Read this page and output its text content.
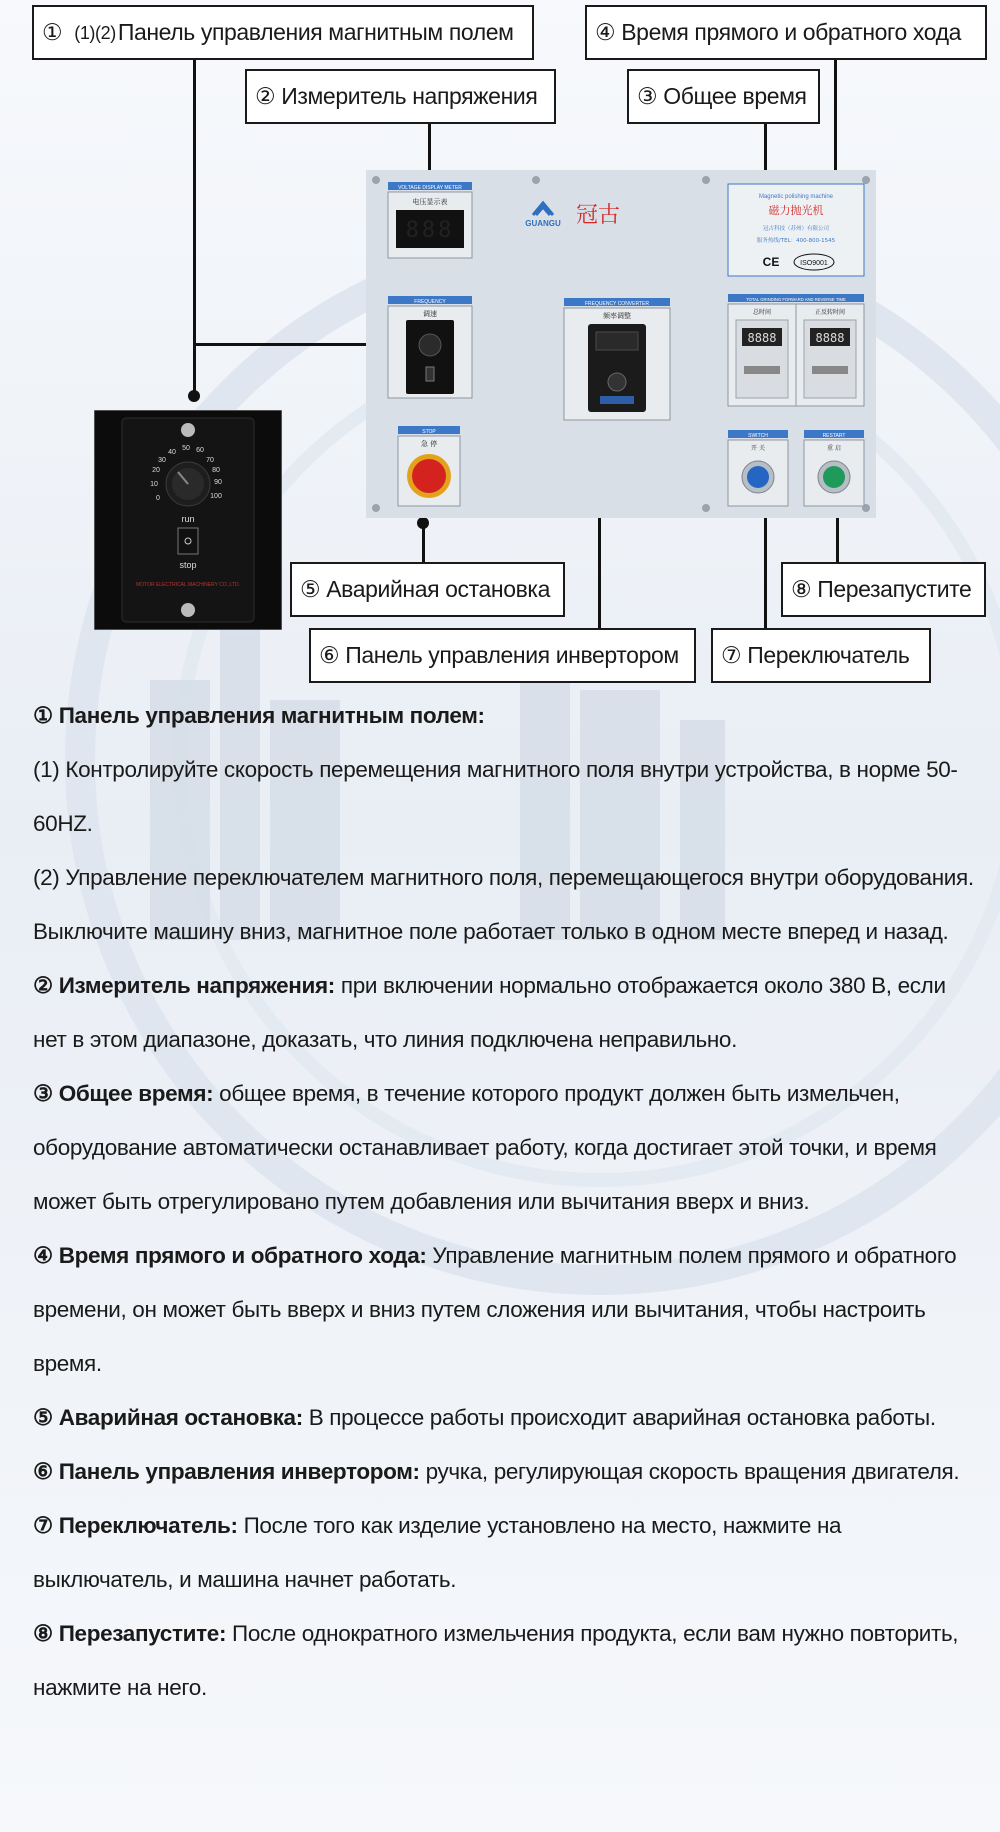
VOLTAGE DISPLAY METER
电压显示表
888	GUANGU 冠古
Magnetic polishing machine
磁力抛光机
冠古科技（苏州）有限公司
服务热线/TEL：400-800-1545
CE	ISO9001
FREQUENCY
调速
STOP
急 停
FREQUENCY CONVERTER
频率调整
TOTAL GRINDING FORWARD AND REVERSE TIME
总时间	正反转时间
8888	8888
SWITCH	RESTART
开 关	重 启
20
30
40
50 60
70
80
90
100
10
0
run
stop
MOTOR ELECTRICAL MACHINERY CO.,LTD.
①
(1)(2) Панель управления магнитным полем
②
Измеритель напряжения	③
Общее время
④
Время прямого и обратного хода
⑤
Аварийная остановка	⑧
Перезапустите
⑥
Панель управления инвертором ⑦
Переключатель

① Панель управления магнитным полем:

(1) Контролируйте скорость перемещения магнитного поля внутри устройства, в норме 50-60HZ.

(2) Управление переключателем магнитного поля, перемещающегося внутри оборудования. Выключите машину вниз, магнитное поле работает только в одном месте вперед и назад.

② Измеритель напряжения: при включении нормально отображается около 380 В, если нет в этом диапазоне, доказать, что линия подключена неправильно.

③ Общее время: общее время, в течение которого продукт должен быть измельчен, оборудование автоматически останавливает работу, когда достигает этой точки, и время может быть отрегулировано путем добавления или вычитания вверх и вниз.

④ Время прямого и обратного хода: Управление магнитным полем прямого и обратного времени, он может быть вверх и вниз путем сложения или вычитания, чтобы настроить время.

⑤ Аварийная остановка: В процессе работы происходит аварийная остановка работы.

⑥ Панель управления инвертором: ручка, регулирующая скорость вращения двигателя.

⑦ Переключатель: После того как изделие установлено на место, нажмите на выключатель, и машина начнет работать.

⑧ Перезапустите: После однократного измельчения продукта, если вам нужно повторить, нажмите на него.
